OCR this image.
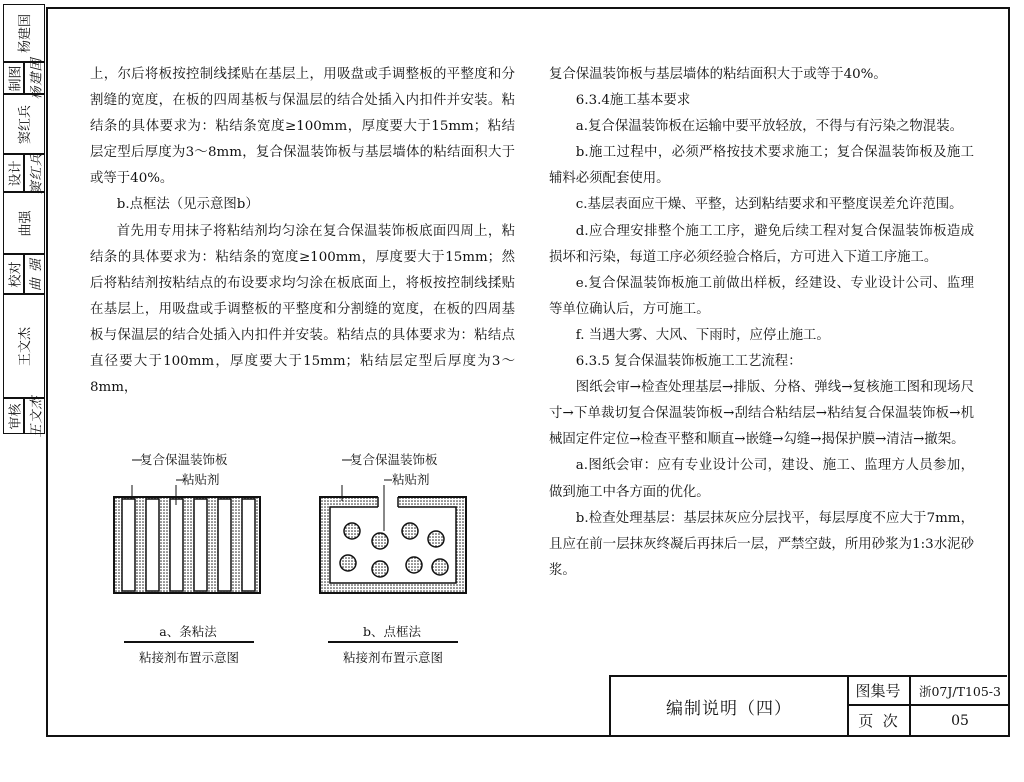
审核 王文杰
王文杰
校对 曲 强
曲强
设计 窦红兵
窦红兵
制图 杨建国
杨建国

上，尔后将板按控制线揉贴在基层上，用吸盘或手调整板的平整度和分割缝的宽度，在板的四周基板与保温层的结合处插入内扣件并安装。粘结条的具体要求为：粘结条宽度≥100mm，厚度要大于15mm；粘结层定型后厚度为3～8mm，复合保温装饰板与基层墙体的粘结面积大于或等于40%。

b.点框法（见示意图b）

首先用专用抹子将粘结剂均匀涂在复合保温装饰板底面四周上，粘结条的具体要求为：粘结条的宽度≥100mm，厚度要大于15mm；然后将粘结剂按粘结点的布设要求均匀涂在板底面上，将板按控制线揉贴在基层上，用吸盘或手调整板的平整度和分割缝的宽度，在板的四周基板与保温层的结合处插入内扣件并安装。粘结点的具体要求为：粘结点直径要大于100mm，厚度要大于15mm；粘结层定型后厚度为3～8mm，

复合保温装饰板与基层墙体的粘结面积大于或等于40%。

6.3.4施工基本要求

a.复合保温装饰板在运输中要平放轻放，不得与有污染之物混装。

b.施工过程中，必须严格按技术要求施工；复合保温装饰板及施工辅料必须配套使用。

c.基层表面应干燥、平整，达到粘结要求和平整度误差允许范围。

d.应合理安排整个施工工序，避免后续工程对复合保温装饰板造成损坏和污染，每道工序必须经验合格后，方可进入下道工序施工。

e.复合保温装饰板施工前做出样板，经建设、专业设计公司、监理等单位确认后，方可施工。

f. 当遇大雾、大风、下雨时，应停止施工。

6.3.5 复合保温装饰板施工工艺流程：

图纸会审→检查处理基层→排版、分格、弹线→复核施工图和现场尺寸→下单裁切复合保温装饰板→刮结合粘结层→粘结复合保温装饰板→机械固定件定位→检查平整和顺直→嵌缝→勾缝→揭保护膜→清洁→撤架。

a.图纸会审：应有专业设计公司，建设、施工、监理方人员参加，做到施工中各方面的优化。

b.检查处理基层：基层抹灰应分层找平，每层厚度不应大于7mm，且应在前一层抹灰终凝后再抹后一层，严禁空鼓，所用砂浆为1:3水泥砂浆。

复合保温装饰板
粘贴剂
a、条粘法
粘接剂布置示意图
复合保温装饰板
粘贴剂
b、点框法
粘接剂布置示意图
编制说明（四）
图集号	浙07J/T105-3
页  次	05
